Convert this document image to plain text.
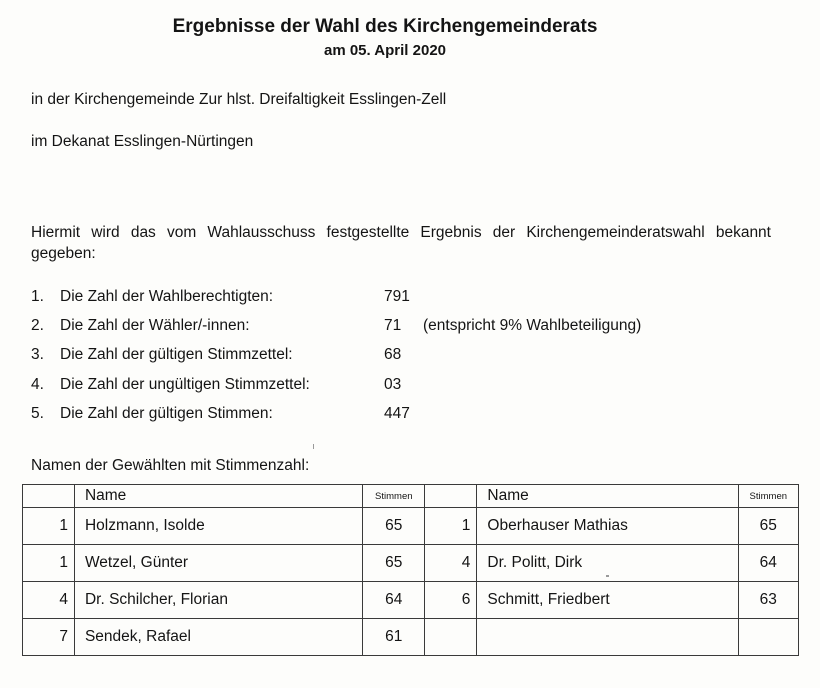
Ergebnisse der Wahl des Kirchengemeinderats
am 05. April 2020
in der Kirchengemeinde Zur hlst. Dreifaltigkeit Esslingen-Zell
im Dekanat Esslingen-Nürtingen
Hiermit wird das vom Wahlausschuss festgestellte Ergebnis der Kirchengemeinderatswahl bekannt gegeben:
1. Die Zahl der Wahlberechtigten:	791
2. Die Zahl der Wähler/-innen:	71 (entspricht 9% Wahlbeteiligung)
3. Die Zahl der gültigen Stimmzettel:	68
4. Die Zahl der ungültigen Stimmzettel:	03
5. Die Zahl der gültigen Stimmen:	447
Namen der Gewählten mit Stimmenzahl:
	Name	Stimmen		Name	Stimmen
1	Holzmann, Isolde	65	1	Oberhauser Mathias	65
1	Wetzel, Günter	65	4	Dr. Politt, Dirk	64
4	Dr. Schilcher, Florian	64	6	Schmitt, Friedbert	63
7	Sendek, Rafael	61			
